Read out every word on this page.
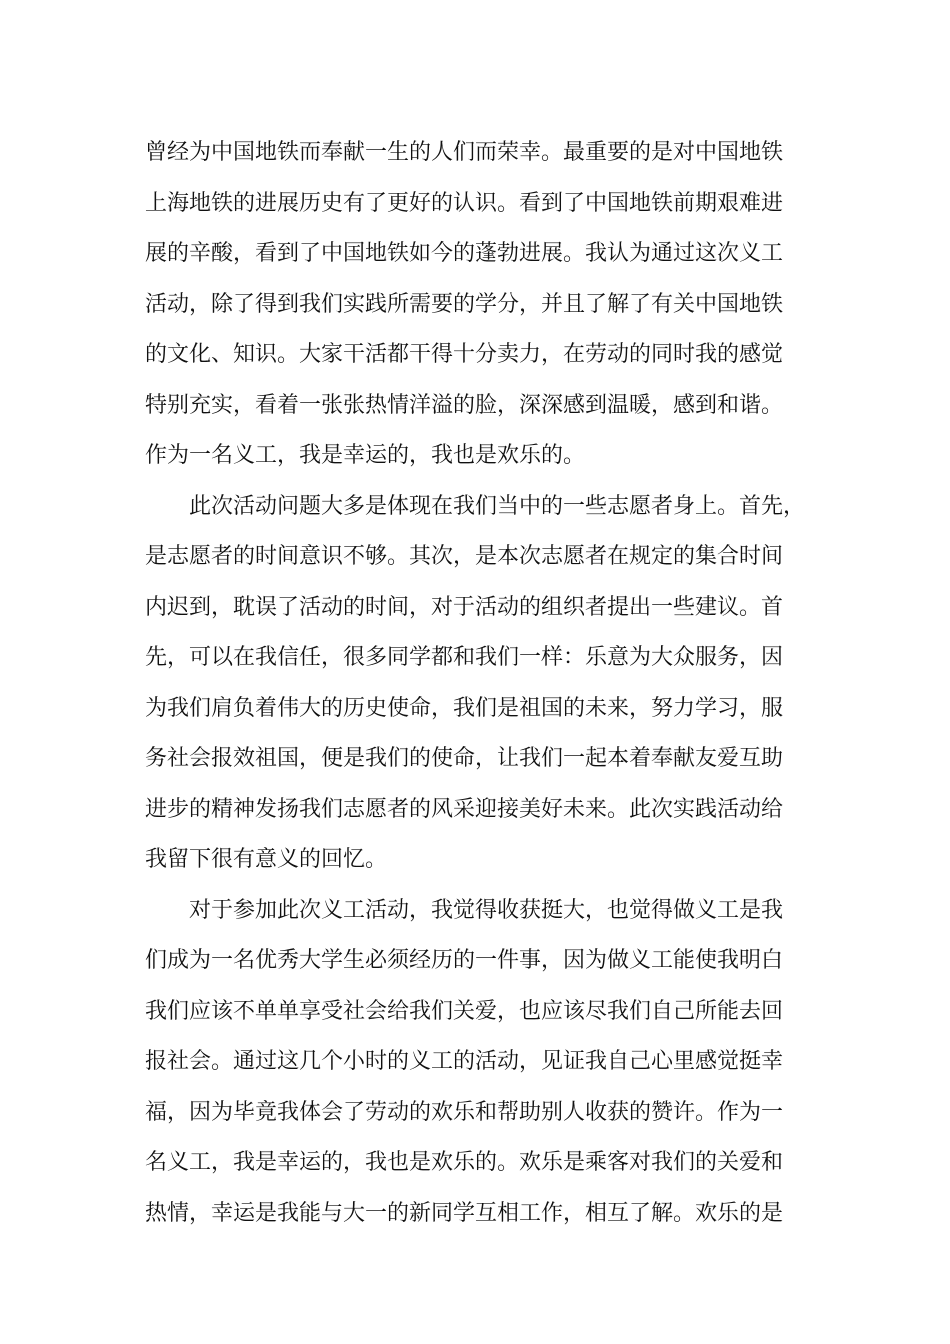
曾经为中国地铁而奉献一生的人们而荣幸。最重要的是对中国地铁
上海地铁的进展历史有了更好的认识。看到了中国地铁前期艰难进
展的辛酸，看到了中国地铁如今的蓬勃进展。我认为通过这次义工
活动，除了得到我们实践所需要的学分，并且了解了有关中国地铁
的文化、知识。大家干活都干得十分卖力，在劳动的同时我的感觉
特别充实，看着一张张热情洋溢的脸，深深感到温暖，感到和谐。
作为一名义工，我是幸运的，我也是欢乐的。
此次活动问题大多是体现在我们当中的一些志愿者身上。首先，
是志愿者的时间意识不够。其次，是本次志愿者在规定的集合时间
内迟到，耽误了活动的时间，对于活动的组织者提出一些建议。首
先，可以在我信任，很多同学都和我们一样：乐意为大众服务，因
为我们肩负着伟大的历史使命，我们是祖国的未来，努力学习，服
务社会报效祖国，便是我们的使命，让我们一起本着奉献友爱互助
进步的精神发扬我们志愿者的风采迎接美好未来。此次实践活动给
我留下很有意义的回忆。
对于参加此次义工活动，我觉得收获挺大，也觉得做义工是我
们成为一名优秀大学生必须经历的一件事，因为做义工能使我明白
我们应该不单单享受社会给我们关爱，也应该尽我们自己所能去回
报社会。通过这几个小时的义工的活动，见证我自己心里感觉挺幸
福，因为毕竟我体会了劳动的欢乐和帮助别人收获的赞许。作为一
名义工，我是幸运的，我也是欢乐的。欢乐是乘客对我们的关爱和
热情，幸运是我能与大一的新同学互相工作，相互了解。欢乐的是
